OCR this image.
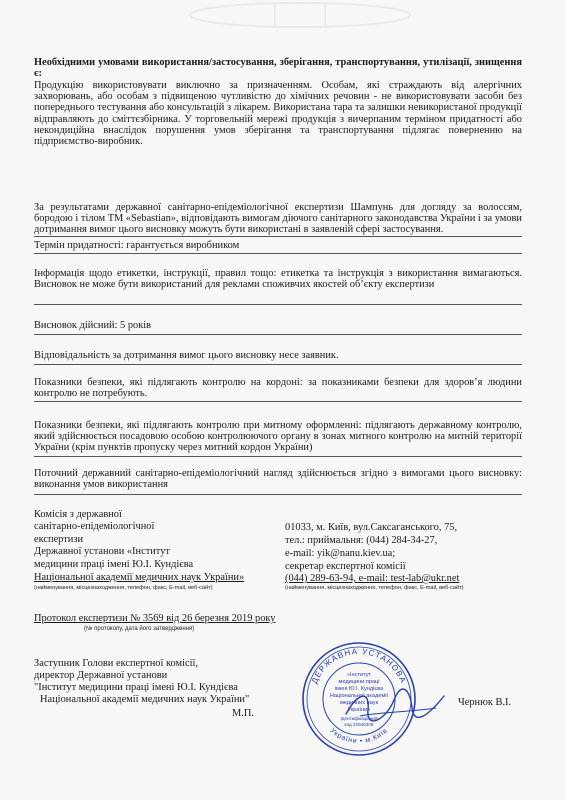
Необхідними умовами використання/застосування, зберігання, транспортування, утилізації, знищення є:
Продукцію використовувати виключно за призначенням. Особам, які страждають від алергічних захворювань, або особам з підвищеною чутливістю до хімічних речовин - не використовувати засоби без попереднього тестування або консультацій з лікарем. Використана тара та залишки невикористаної продукції відправляють до сміттєзбірника. У торговельній мережі продукція з вичерпаним терміном придатності або некондиційна внаслідок порушення умов зберігання та транспортування підлягає поверненню на підприємство-виробник.
За результатами державної санітарно-епідеміологічної експертизи Шампунь для догляду за волоссям, бородою і тілом ТМ «Sebastian», відповідають вимогам діючого санітарного законодавства України і за умови дотримання вимог цього висновку можуть бути використані в заявленій сфері застосування.
Термін придатності: гарантується виробником
Інформація щодо етикетки, інструкції, правил тощо: етикетка та інструкція з використання вимагаються. Висновок не може бути використаний для реклами споживчих якостей об’єкту експертизи
Висновок дійсний: 5 років
Відповідальність за дотримання вимог цього висновку несе заявник.
Показники безпеки, які підлягають контролю на кордоні: за показниками безпеки для здоров’я людини контролю не потребують.
Показники безпеки, які підлягають контролю при митному оформленні: підлягають державному контролю, який здійснюється посадовою особою контролюючого органу в зонах митного контролю на митній території України (крім пунктів пропуску через митний кордон України)
Поточний державний санітарно-епідеміологічний нагляд здійснюється згідно з вимогами цього висновку: виконання умов використання
Комісія з державної
санітарно-епідеміологічної
експертизи
Державної установи «Інститут
медицини праці імені Ю.І. Кундієва
Національної академії медичних наук України»
(найменування, місцезнаходження, телефон, факс, E-mail, веб-сайт)
01033, м. Київ, вул.Саксаганського, 75,
тел.: приймальня: (044) 284-34-27,
e-mail: yik@nanu.kiev.ua;
секретар експертної комісії
(044) 289-63-94, e-mail: test-lab@ukr.net
(найменування, місцезнаходження, телефон, факс, E-mail, веб-сайт)
Протокол експертизи № 3569 від 26 березня 2019 року
(№ протоколу, дата його затвердження)
Заступник Голови експертної комісії,
директор Державної установи
"Інститут медицини праці імені Ю.І. Кундієва
Національної академії медичних наук України"
М.П.
Чернюк В.І.
ДЕРЖАВНА УСТАНОВА
України • м.Київ
«Інститут
медицини праці
імені Ю.І. Кундієва
Національної академії
медичних наук
України»
Ідентифікаційний
код 22946309
